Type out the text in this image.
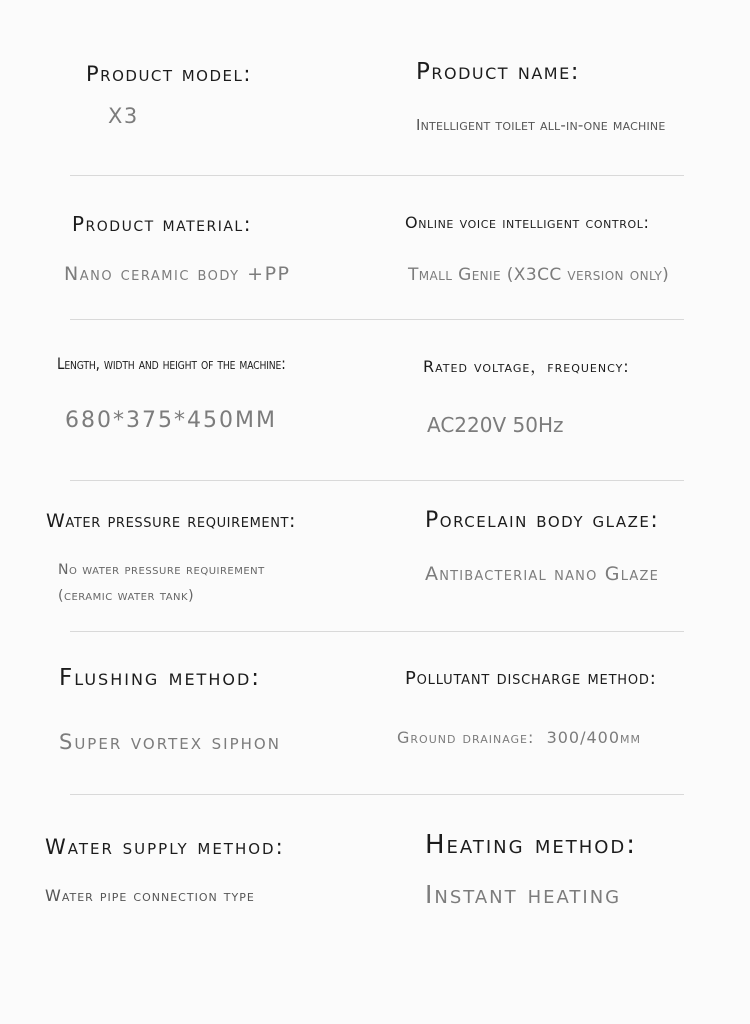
Product model:
X3
Product name:
Intelligent toilet all-in-one machine
Product material:
Nano ceramic body +PP
Online voice intelligent control:
Tmall Genie (X3CC version only)
Length, width and height of the machine:
680*375*450MM
Rated voltage，frequency:
AC220V 50Hz
Water pressure requirement:
No water pressure requirement
(ceramic water tank)
Porcelain body glaze:
Antibacterial nano Glaze
Flushing method:
Super vortex siphon
Pollutant discharge method:
Ground drainage:  300/400mm
Water supply method:
Water pipe connection type
Heating method:
Instant heating
